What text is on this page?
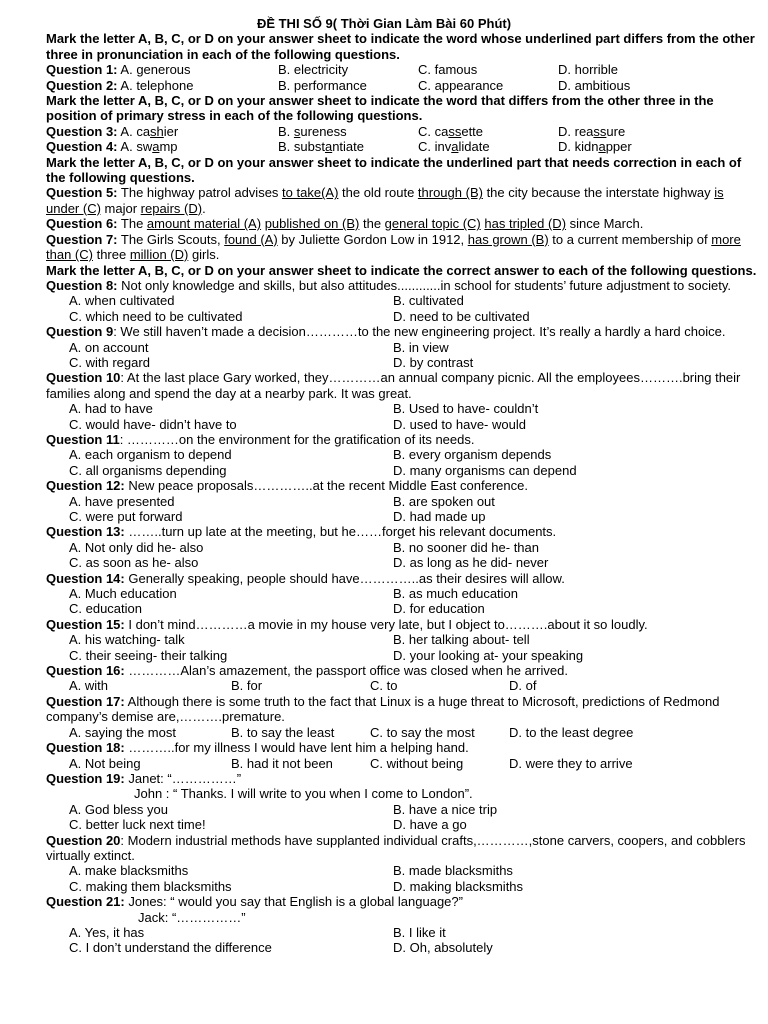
ĐỀ THI SỐ 9( Thời Gian Làm Bài 60 Phút)
Mark the letter A, B, C, or D on your answer sheet to indicate the word whose underlined part differs from the other three in pronunciation in each of the following questions.
Question 1: A. generous	B. electricity	C. famous	D. horrible
Question 2: A. telephone	B. performance	C. appearance	D. ambitious
Mark the letter A, B, C, or D on your answer sheet to indicate the word that differs from the other three in the position of primary stress in each of the following questions.
Question 3: A. cashier	B. sureness	C. cassette	D. reassure
Question 4: A. swamp	B. substantiate	C. invalidate	D. kidnapper
Mark the letter A, B, C, or D on your answer sheet to indicate the underlined part that needs correction in each of the following questions.
Question 5: The highway patrol advises to take(A) the old route through (B) the city because the interstate highway is under (C) major repairs (D).
Question 6: The amount material (A) published on (B) the general topic (C) has tripled (D) since March.
Question 7: The Girls Scouts, found (A) by Juliette Gordon Low in 1912, has grown (B) to a current membership of more than (C) three million (D) girls.
Mark the letter A, B, C, or D on your answer sheet to indicate the correct answer to each of the following questions.
Question 8: Not only knowledge and skills, but also attitudes............in school for students’ future adjustment to society.
A. when cultivated	B. cultivated
C. which need to be cultivated	D. need to be cultivated
Question 9: We still haven’t made a decision…………to the new engineering project. It’s really a hardly a hard choice.
A. on account	B. in view
C. with regard	D. by contrast
Question 10: At the last place Gary worked, they…………an annual company picnic. All the employees……….bring their families along and spend the day at a nearby park. It was great.
A. had to have	B. Used to have- couldn’t
C. would have- didn’t have to	D. used to have- would
Question 11: …………on the environment for the gratification of its needs.
A. each organism to depend	B. every organism depends
C. all organisms depending	D. many organisms can depend
Question 12: New peace proposals…………..at the recent Middle East conference.
A. have presented	B. are spoken out
C. were put forward	D. had made up
Question 13: ……..turn up late at the meeting, but he……forget his relevant documents.
A. Not only did he- also	B. no sooner did he- than
C. as soon as he- also	D. as long as he did- never
Question 14: Generally speaking, people should have…………..as their desires will allow.
A. Much education	B. as much education
C. education	D. for education
Question 15: I don’t mind…………a movie in my house very late, but I object to……….about it so loudly.
A. his watching- talk	B. her talking about- tell
C. their seeing- their talking	D. your looking at- your speaking
Question 16: …………Alan’s amazement, the passport office was closed when he arrived.
A. with	B. for	C. to	D. of
Question 17: Although there is some truth to the fact that Linux is a huge threat to Microsoft, predictions of Redmond company’s demise are,……….premature.
A. saying the most	B. to say the least	C. to say the most	D. to the least degree
Question 18: ………..for my illness I would have lent him a helping hand.
A. Not being	B. had it not been	C. without being	D. were they to arrive
Question 19: Janet: “……………”
John : “ Thanks. I will write to you when I come to London”.
A. God bless you	B. have a nice trip
C. better luck next time!	D. have a go
Question 20: Modern industrial methods have supplanted individual crafts,…………,stone carvers, coopers, and cobblers virtually extinct.
A. make blacksmiths	B. made blacksmiths
C. making them blacksmiths	D. making blacksmiths
Question 21: Jones: “ would you say that English is a global language?”
Jack: “……………”
A. Yes, it has	B. I like it
C. I don’t understand the difference	D. Oh, absolutely
